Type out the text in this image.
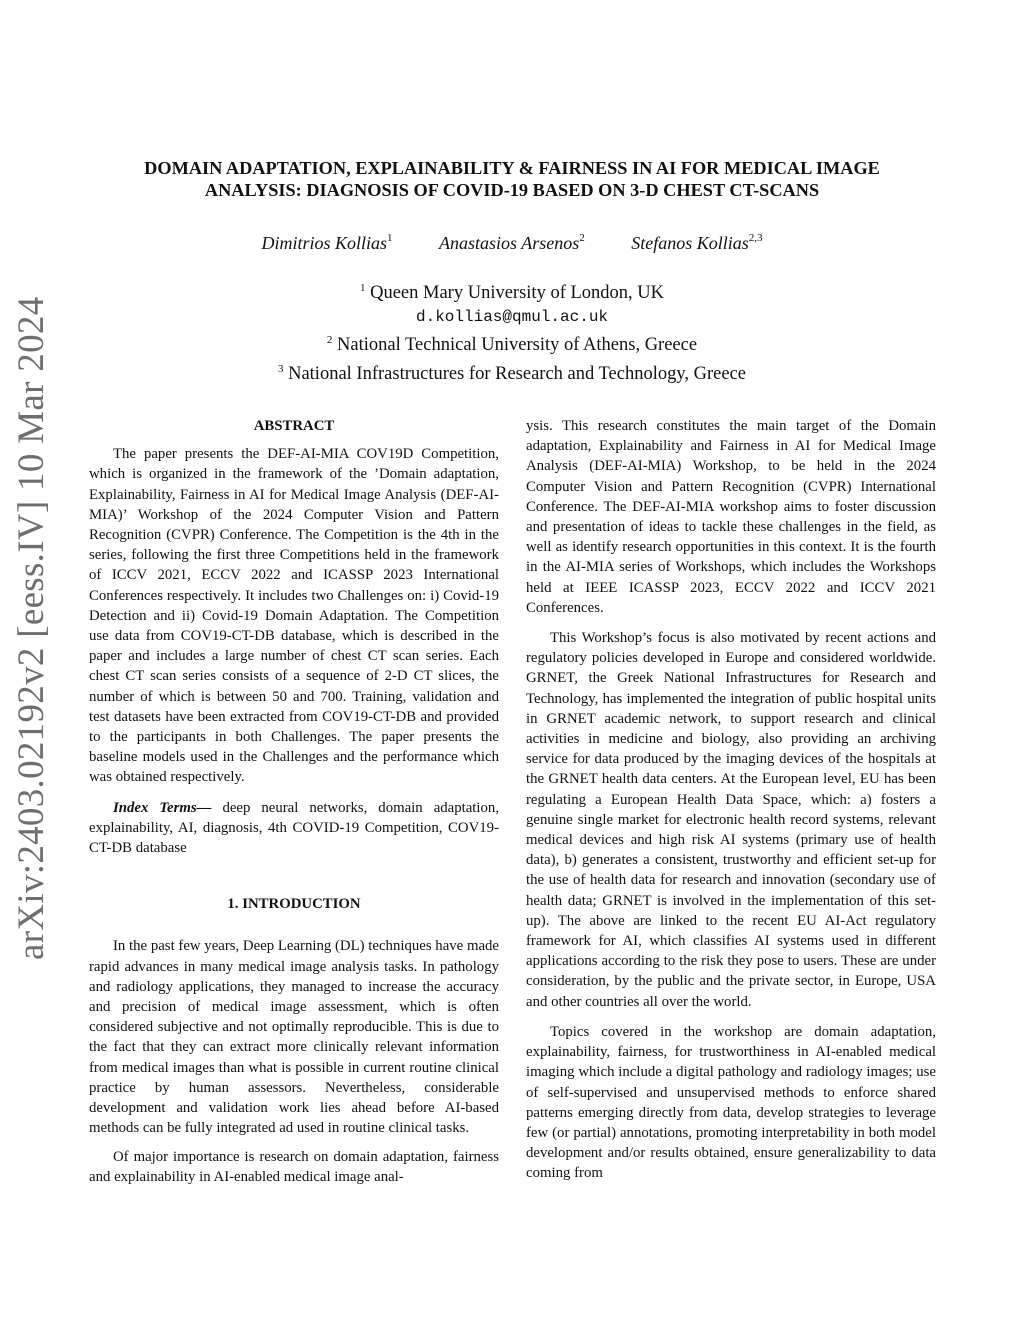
arXiv:2403.02192v2 [eess.IV] 10 Mar 2024
DOMAIN ADAPTATION, EXPLAINABILITY & FAIRNESS IN AI FOR MEDICAL IMAGE
ANALYSIS: DIAGNOSIS OF COVID-19 BASED ON 3-D CHEST CT-SCANS
Dimitrios Kollias$^1$	Anastasios Arsenos$^2$	Stefanos Kollias$^{2,3}$
$^1$ Queen Mary University of London, UK
d.kollias@qmul.ac.uk
$^2$ National Technical University of Athens, Greece
$^3$ National Infrastructures for Research and Technology, Greece
ABSTRACT

The paper presents the DEF-AI-MIA COV19D Competition, which is organized in the framework of the ’Domain adaptation, Explainability, Fairness in AI for Medical Image Analysis (DEF-AI-MIA)’ Workshop of the 2024 Computer Vision and Pattern Recognition (CVPR) Conference. The Competition is the 4th in the series, following the first three Competitions held in the framework of ICCV 2021, ECCV 2022 and ICASSP 2023 International Conferences respectively. It includes two Challenges on: i) Covid-19 Detection and ii) Covid-19 Domain Adaptation. The Competition use data from COV19-CT-DB database, which is described in the paper and includes a large number of chest CT scan series. Each chest CT scan series consists of a sequence of 2-D CT slices, the number of which is between 50 and 700. Training, validation and test datasets have been extracted from COV19-CT-DB and provided to the participants in both Challenges. The paper presents the baseline models used in the Challenges and the performance which was obtained respectively.

Index Terms— deep neural networks, domain adaptation, explainability, AI, diagnosis, 4th COVID-19 Competition, COV19-CT-DB database

1. INTRODUCTION

In the past few years, Deep Learning (DL) techniques have made rapid advances in many medical image analysis tasks. In pathology and radiology applications, they managed to increase the accuracy and precision of medical image assessment, which is often considered subjective and not optimally reproducible. This is due to the fact that they can extract more clinically relevant information from medical images than what is possible in current routine clinical practice by human assessors. Nevertheless, considerable development and validation work lies ahead before AI-based methods can be fully integrated ad used in routine clinical tasks.

Of major importance is research on domain adaptation, fairness and explainability in AI-enabled medical image anal-

ysis. This research constitutes the main target of the Domain adaptation, Explainability and Fairness in AI for Medical Image Analysis (DEF-AI-MIA) Workshop, to be held in the 2024 Computer Vision and Pattern Recognition (CVPR) International Conference. The DEF-AI-MIA workshop aims to foster discussion and presentation of ideas to tackle these challenges in the field, as well as identify research opportunities in this context. It is the fourth in the AI-MIA series of Workshops, which includes the Workshops held at IEEE ICASSP 2023, ECCV 2022 and ICCV 2021 Conferences.

This Workshop’s focus is also motivated by recent actions and regulatory policies developed in Europe and considered worldwide. GRNET, the Greek National Infrastructures for Research and Technology, has implemented the integration of public hospital units in GRNET academic network, to support research and clinical activities in medicine and biology, also providing an archiving service for data produced by the imaging devices of the hospitals at the GRNET health data centers. At the European level, EU has been regulating a European Health Data Space, which: a) fosters a genuine single market for electronic health record systems, relevant medical devices and high risk AI systems (primary use of health data), b) generates a consistent, trustworthy and efficient set-up for the use of health data for research and innovation (secondary use of health data; GRNET is involved in the implementation of this set-up). The above are linked to the recent EU AI-Act regulatory framework for AI, which classifies AI systems used in different applications according to the risk they pose to users. These are under consideration, by the public and the private sector, in Europe, USA and other countries all over the world.

Topics covered in the workshop are domain adaptation, explainability, fairness, for trustworthiness in AI-enabled medical imaging which include a digital pathology and radiology images; use of self-supervised and unsupervised methods to enforce shared patterns emerging directly from data, develop strategies to leverage few (or partial) annotations, promoting interpretability in both model development and/or results obtained, ensure generalizability to data coming from
